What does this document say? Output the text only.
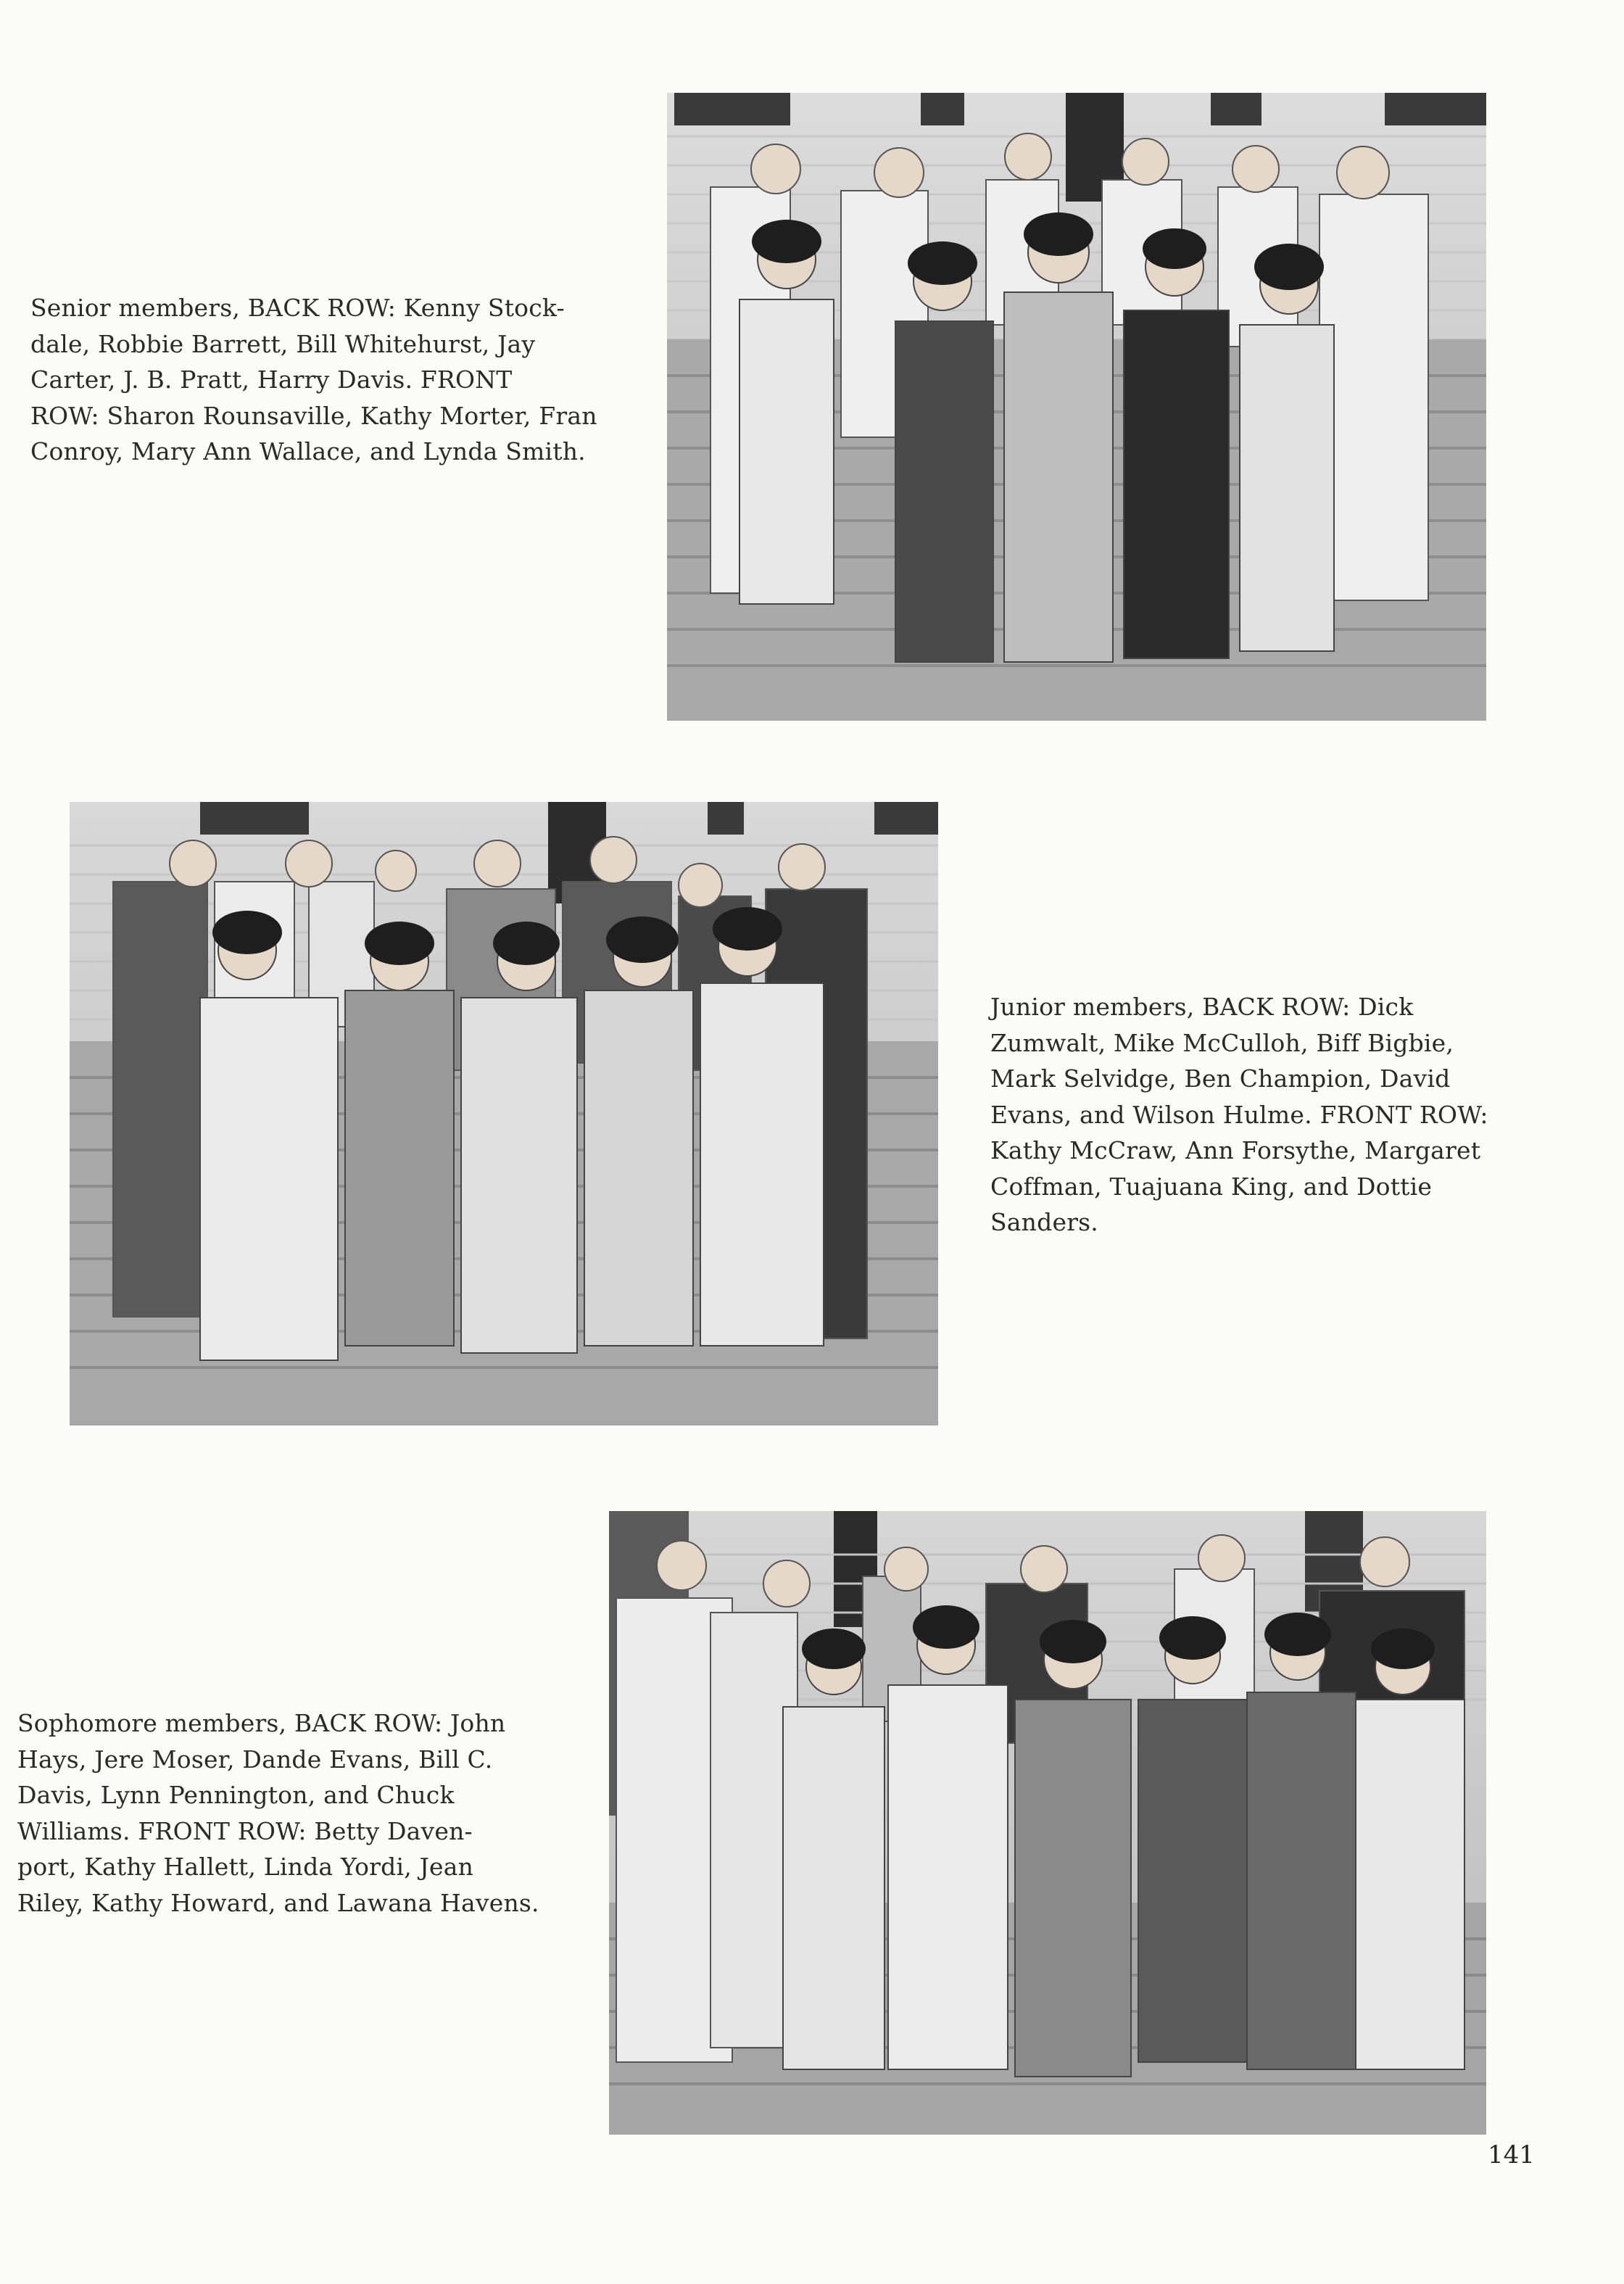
Senior members, BACK ROW: Kenny Stock-
dale, Robbie Barrett, Bill Whitehurst, Jay
Carter, J. B. Pratt, Harry Davis. FRONT
ROW: Sharon Rounsaville, Kathy Morter, Fran
Conroy, Mary Ann Wallace, and Lynda Smith.
Junior members, BACK ROW: Dick
Zumwalt, Mike McCulloh, Biff Bigbie,
Mark Selvidge, Ben Champion, David
Evans, and Wilson Hulme. FRONT ROW:
Kathy McCraw, Ann Forsythe, Margaret
Coffman, Tuajuana King, and Dottie
Sanders.
Sophomore members, BACK ROW: John
Hays, Jere Moser, Dande Evans, Bill C.
Davis, Lynn Pennington, and Chuck
Williams. FRONT ROW: Betty Daven-
port, Kathy Hallett, Linda Yordi, Jean
Riley, Kathy Howard, and Lawana Havens.
141
